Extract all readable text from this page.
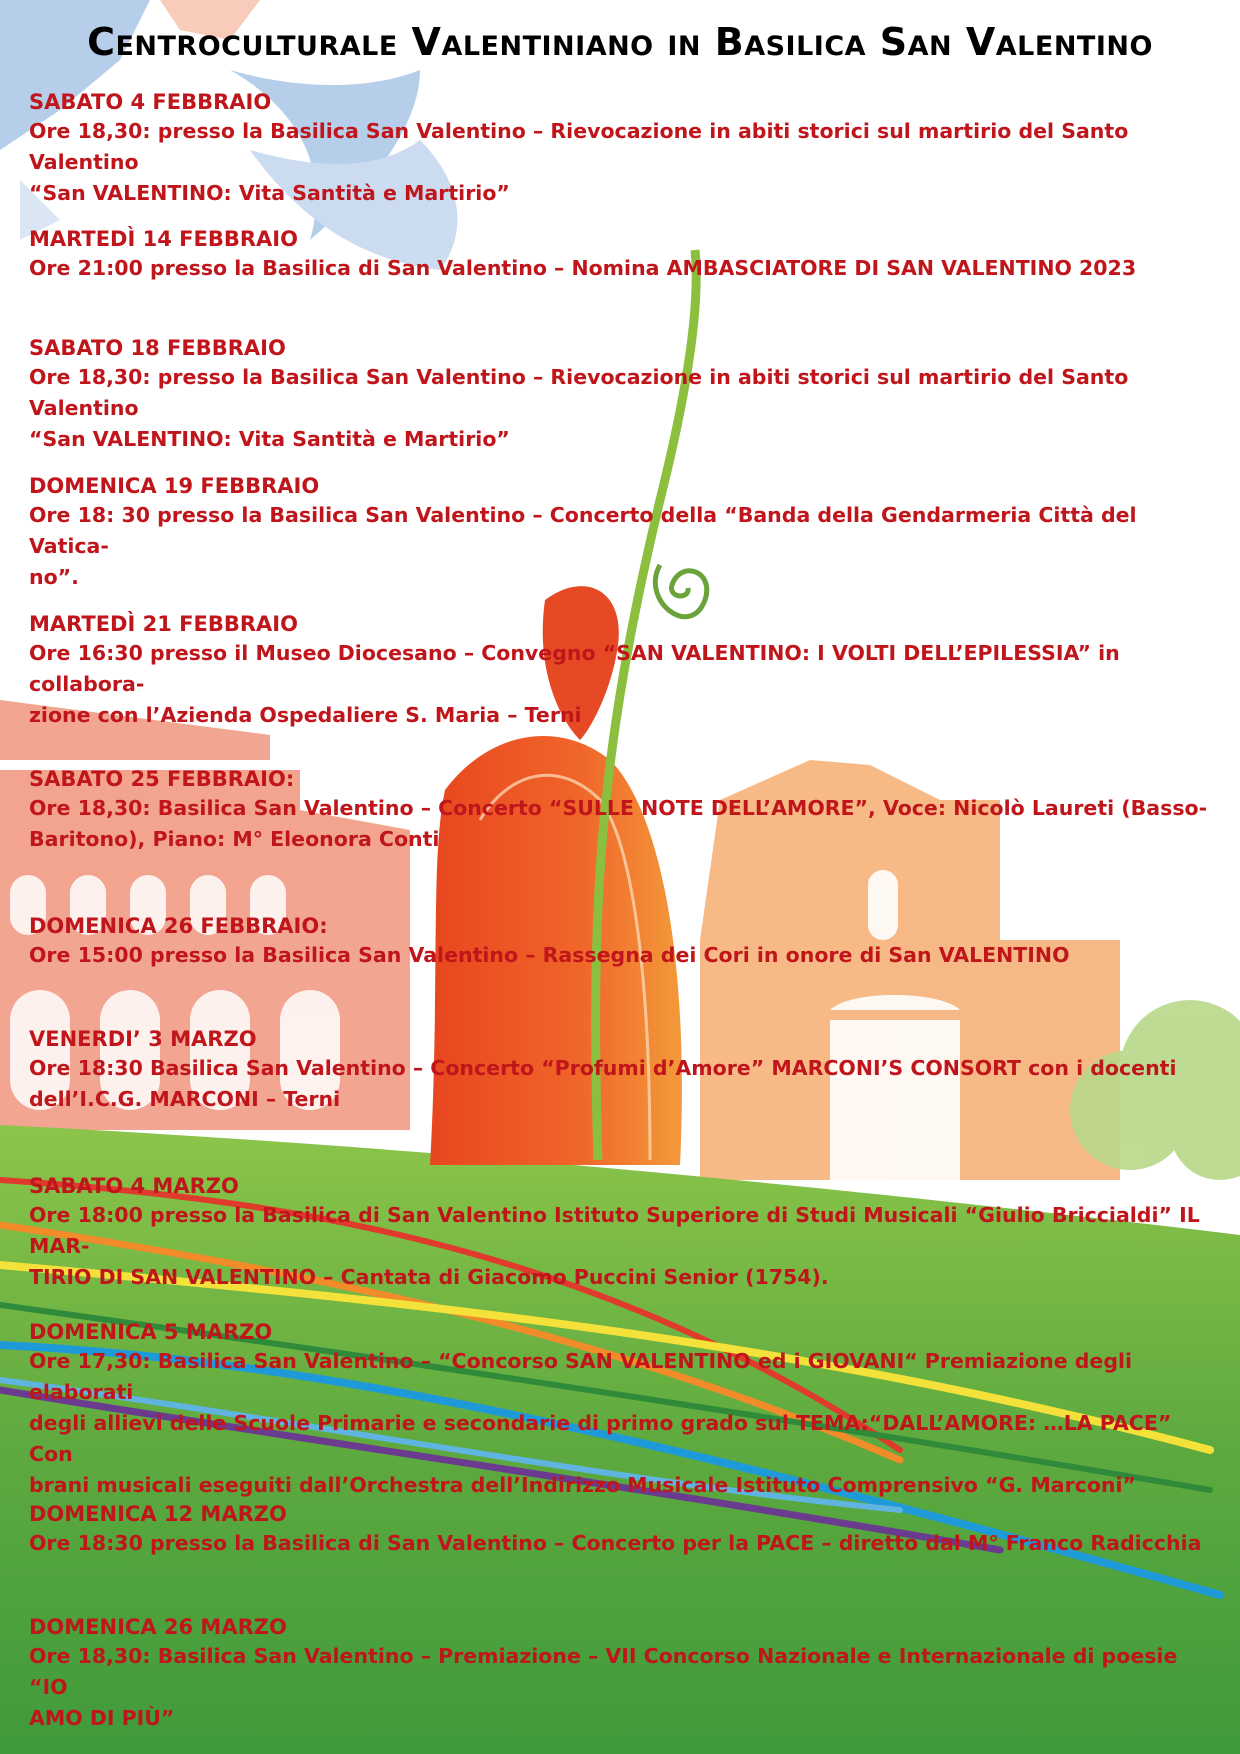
Centroculturale Valentiniano in Basilica San Valentino

SABATO 4 FEBBRAIO

Ore 18,30: presso la Basilica San Valentino – Rievocazione in abiti storici sul martirio del Santo Valentino

“San VALENTINO: Vita Santità e Martirio”

MARTEDÌ 14 FEBBRAIO

Ore 21:00 presso la Basilica di San Valentino – Nomina AMBASCIATORE DI SAN VALENTINO 2023

SABATO 18 FEBBRAIO

Ore 18,30: presso la Basilica San Valentino – Rievocazione in abiti storici sul martirio del Santo Valentino

“San VALENTINO: Vita Santità e Martirio”

DOMENICA 19 FEBBRAIO

Ore 18: 30 presso la Basilica San Valentino – Concerto della “Banda della Gendarmeria Città del Vatica-

no”.

MARTEDÌ 21 FEBBRAIO

Ore 16:30 presso il Museo Diocesano – Convegno “SAN VALENTINO: I VOLTI DELL’EPILESSIA” in collabora-

zione con l’Azienda Ospedaliere S. Maria – Terni

SABATO 25 FEBBRAIO:

Ore 18,30: Basilica San Valentino – Concerto “SULLE NOTE DELL’AMORE”, Voce: Nicolò Laureti (Basso-

Baritono), Piano: M° Eleonora Conti

DOMENICA 26 FEBBRAIO:

Ore 15:00 presso la Basilica San Valentino – Rassegna dei Cori in onore di San VALENTINO

VENERDI’ 3 MARZO

Ore 18:30 Basilica San Valentino – Concerto “Profumi d’Amore” MARCONI’S CONSORT con i docenti

dell’I.C.G. MARCONI – Terni

SABATO 4 MARZO

Ore 18:00 presso la Basilica di San Valentino Istituto Superiore di Studi Musicali “Giulio Briccialdi” IL MAR-

TIRIO DI SAN VALENTINO – Cantata di Giacomo Puccini Senior (1754).

DOMENICA 5 MARZO

Ore 17,30: Basilica San Valentino – “Concorso SAN VALENTINO ed i GIOVANI“ Premiazione degli elaborati

degli allievi delle Scuole Primarie e secondarie di primo grado sul TEMA:“DALL’AMORE: …LA PACE” Con

brani musicali eseguiti dall’Orchestra dell’Indirizzo Musicale Istituto Comprensivo “G. Marconi”

DOMENICA 12 MARZO

Ore 18:30 presso la Basilica di San Valentino – Concerto per la PACE – diretto dal M° Franco Radicchia

DOMENICA 26 MARZO

Ore 18,30: Basilica San Valentino – Premiazione – VII Concorso Nazionale e Internazionale di poesie “IO

AMO DI PIÙ”
